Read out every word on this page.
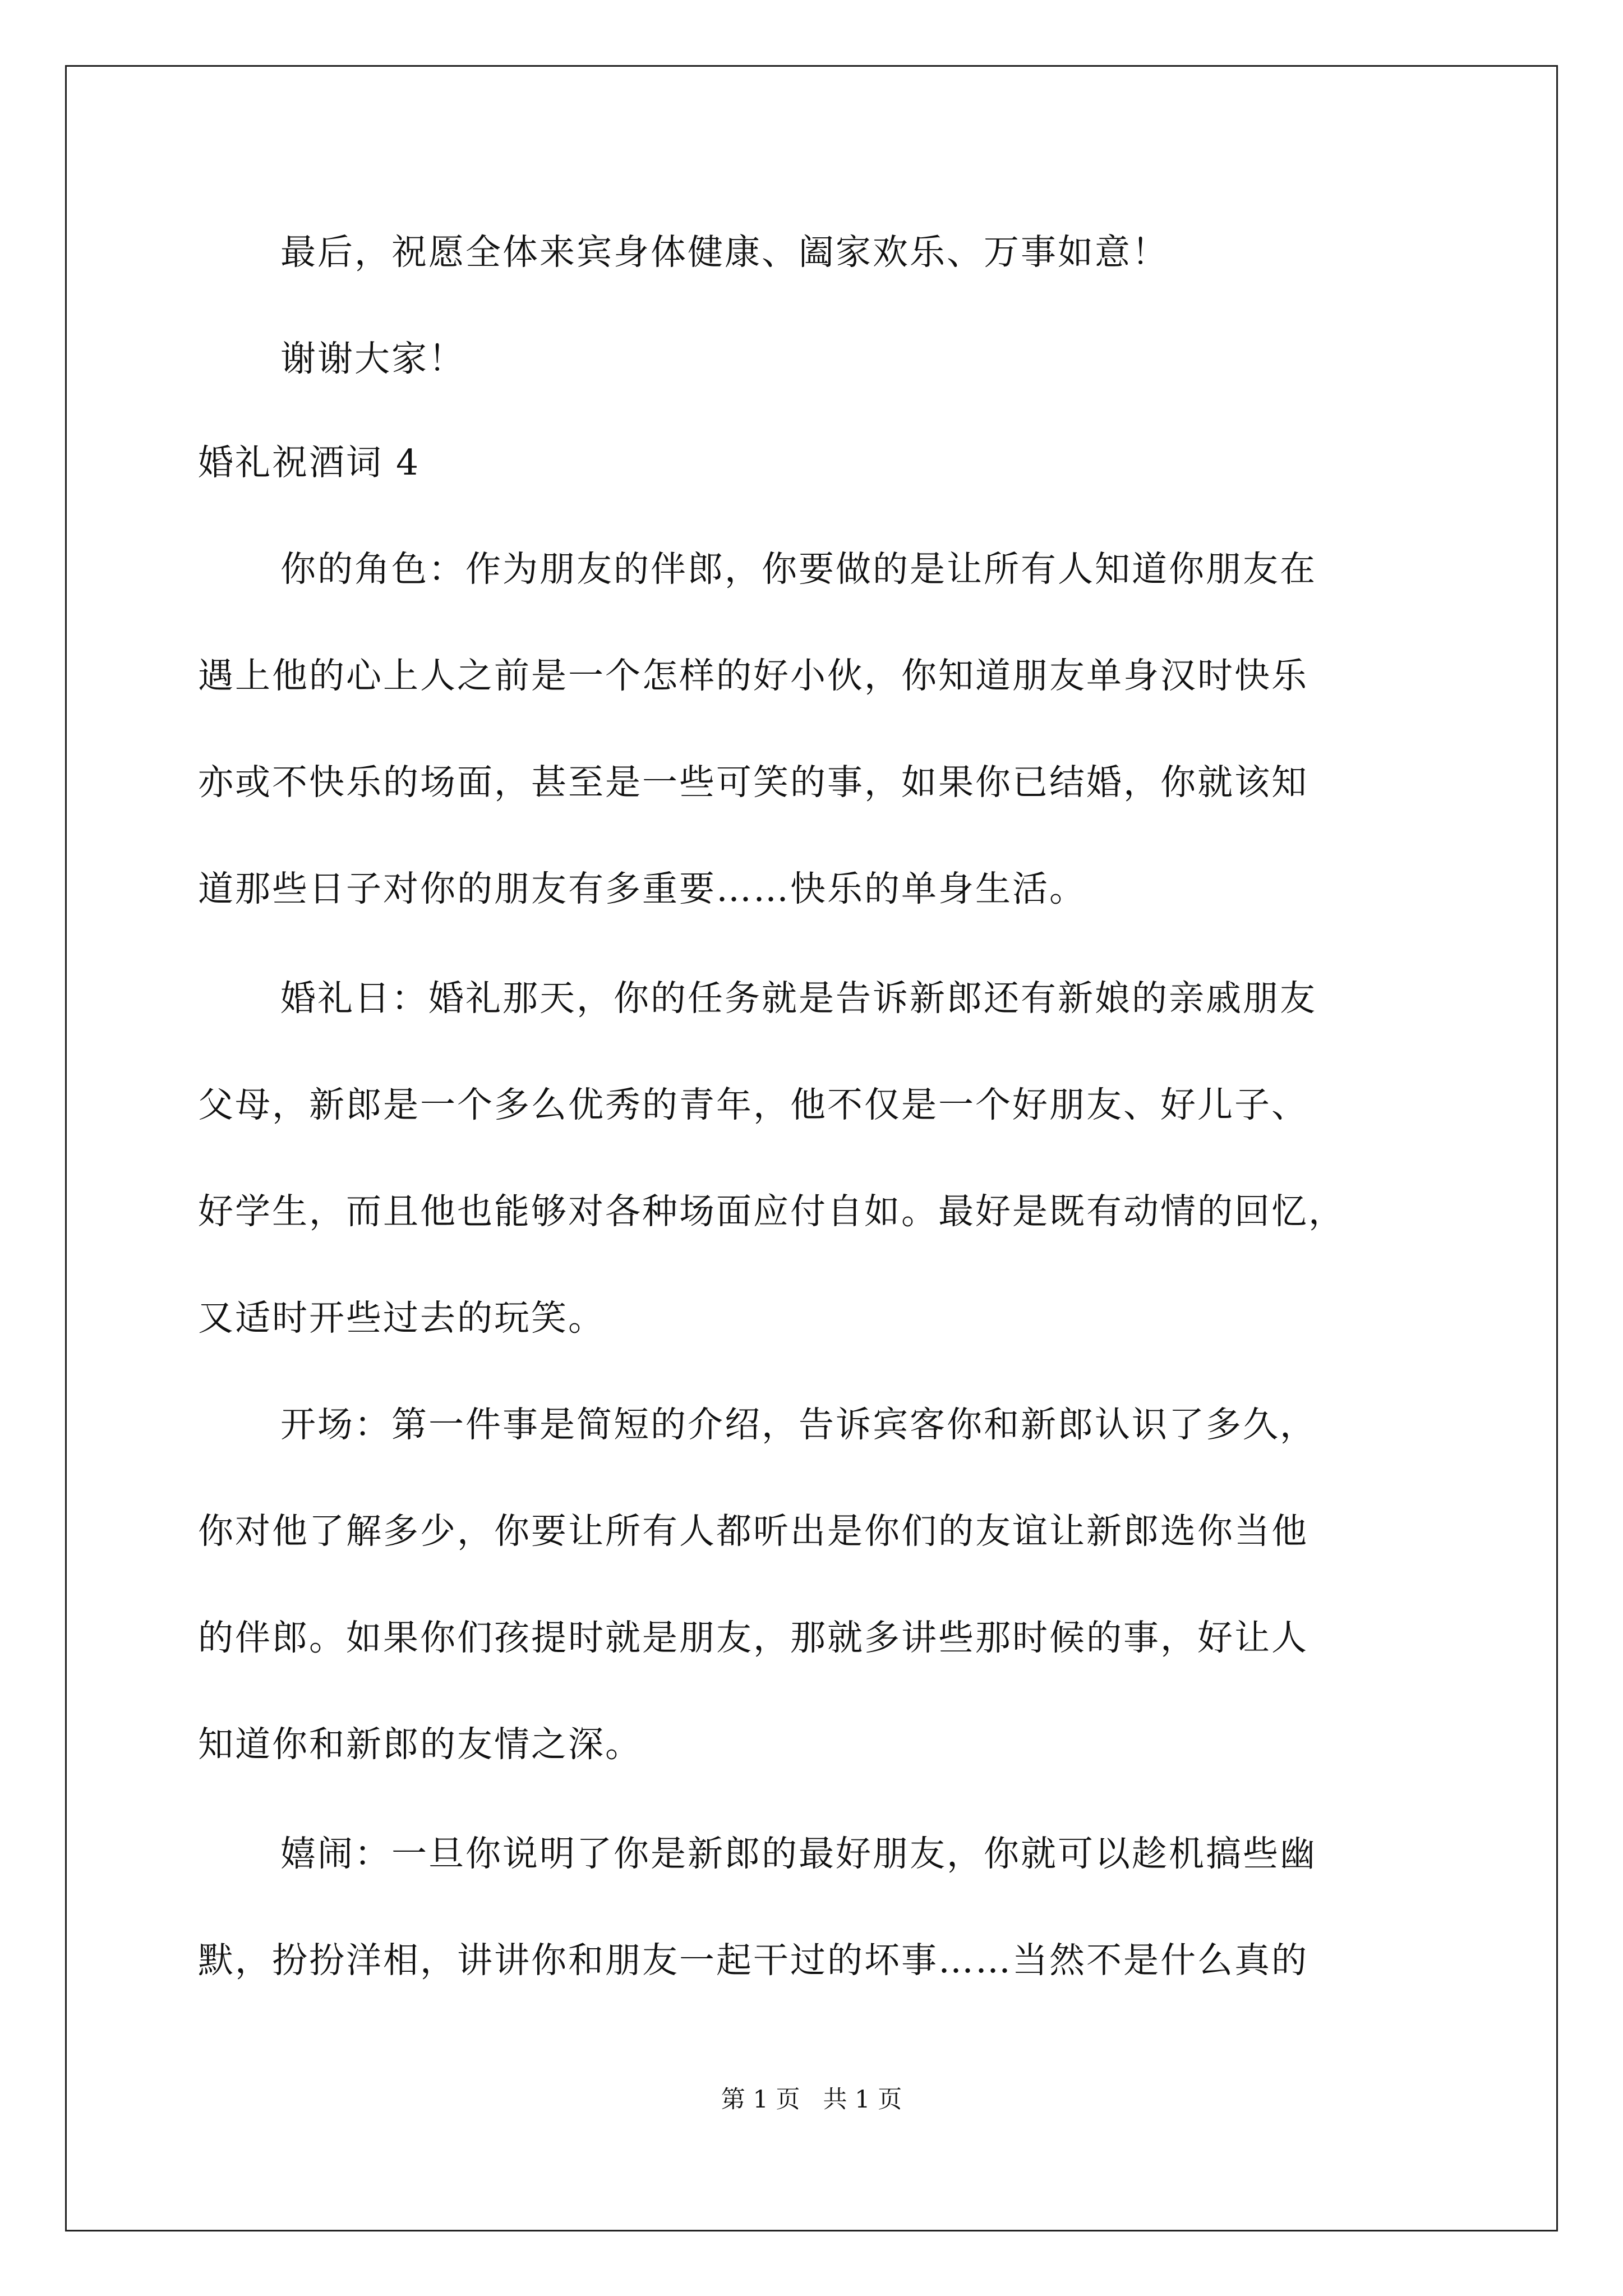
最后，祝愿全体来宾身体健康、阖家欢乐、万事如意！
谢谢大家！
婚礼祝酒词 4
你的角色：作为朋友的伴郎，你要做的是让所有人知道你朋友在
遇上他的心上人之前是一个怎样的好小伙，你知道朋友单身汉时快乐
亦或不快乐的场面，甚至是一些可笑的事，如果你已结婚，你就该知
道那些日子对你的朋友有多重要……快乐的单身生活。
婚礼日：婚礼那天，你的任务就是告诉新郎还有新娘的亲戚朋友
父母，新郎是一个多么优秀的青年，他不仅是一个好朋友、好儿子、
好学生，而且他也能够对各种场面应付自如。最好是既有动情的回忆，
又适时开些过去的玩笑。
开场：第一件事是简短的介绍，告诉宾客你和新郎认识了多久，
你对他了解多少，你要让所有人都听出是你们的友谊让新郎选你当他
的伴郎。如果你们孩提时就是朋友，那就多讲些那时候的事，好让人
知道你和新郎的友情之深。
嬉闹：一旦你说明了你是新郎的最好朋友，你就可以趁机搞些幽
默，扮扮洋相，讲讲你和朋友一起干过的坏事……当然不是什么真的
第 1 页   共 1 页
